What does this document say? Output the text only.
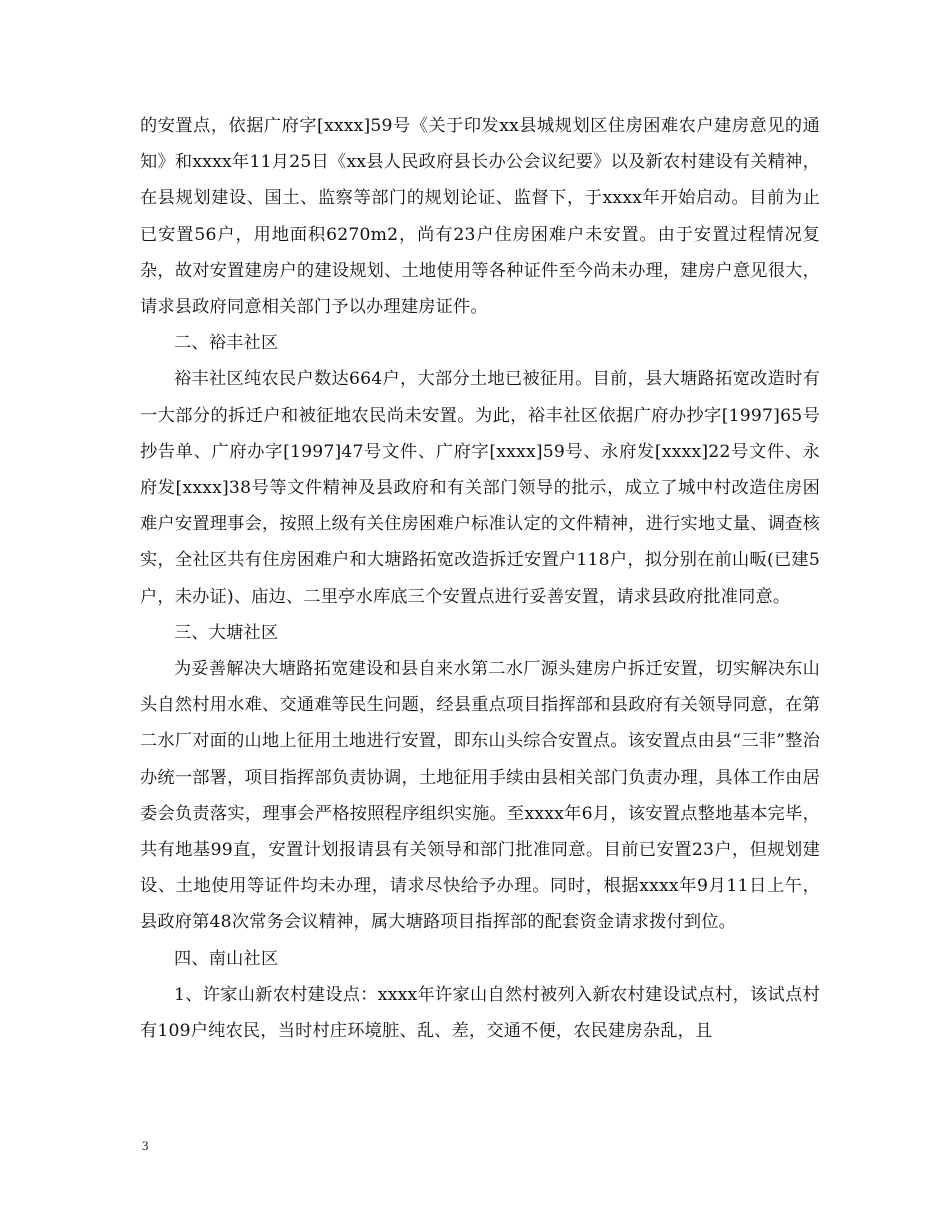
的安置点，依据广府字[xxxx]59号《关于印发xx县城规划区住房困难农户建房意见的通知》和xxxx年11月25日《xx县人民政府县长办公会议纪要》以及新农村建设有关精神，在县规划建设、国土、监察等部门的规划论证、监督下，于xxxx年开始启动。目前为止已安置56户，用地面积6270m2，尚有23户住房困难户未安置。由于安置过程情况复杂，故对安置建房户的建设规划、土地使用等各种证件至今尚未办理，建房户意见很大，请求县政府同意相关部门予以办理建房证件。

二、裕丰社区

裕丰社区纯农民户数达664户，大部分土地已被征用。目前，县大塘路拓宽改造时有一大部分的拆迁户和被征地农民尚未安置。为此，裕丰社区依据广府办抄字[1997]65号抄告单、广府办字[1997]47号文件、广府字[xxxx]59号、永府发[xxxx]22号文件、永府发[xxxx]38号等文件精神及县政府和有关部门领导的批示，成立了城中村改造住房困难户安置理事会，按照上级有关住房困难户标准认定的文件精神，进行实地丈量、调查核实，全社区共有住房困难户和大塘路拓宽改造拆迁安置户118户，拟分别在前山畈(已建5户，未办证)、庙边、二里亭水库底三个安置点进行妥善安置，请求县政府批准同意。

三、大塘社区

为妥善解决大塘路拓宽建设和县自来水第二水厂源头建房户拆迁安置，切实解决东山头自然村用水难、交通难等民生问题，经县重点项目指挥部和县政府有关领导同意，在第二水厂对面的山地上征用土地进行安置，即东山头综合安置点。该安置点由县“三非”整治办统一部署，项目指挥部负责协调，土地征用手续由县相关部门负责办理，具体工作由居委会负责落实，理事会严格按照程序组织实施。至xxxx年6月，该安置点整地基本完毕，共有地基99直，安置计划报请县有关领导和部门批准同意。目前已安置23户，但规划建设、土地使用等证件均未办理，请求尽快给予办理。同时，根据xxxx年9月11日上午，县政府第48次常务会议精神，属大塘路项目指挥部的配套资金请求拨付到位。

四、南山社区

1、许家山新农村建设点：xxxx年许家山自然村被列入新农村建设试点村，该试点村有109户纯农民，当时村庄环境脏、乱、差，交通不便，农民建房杂乱，且

3
